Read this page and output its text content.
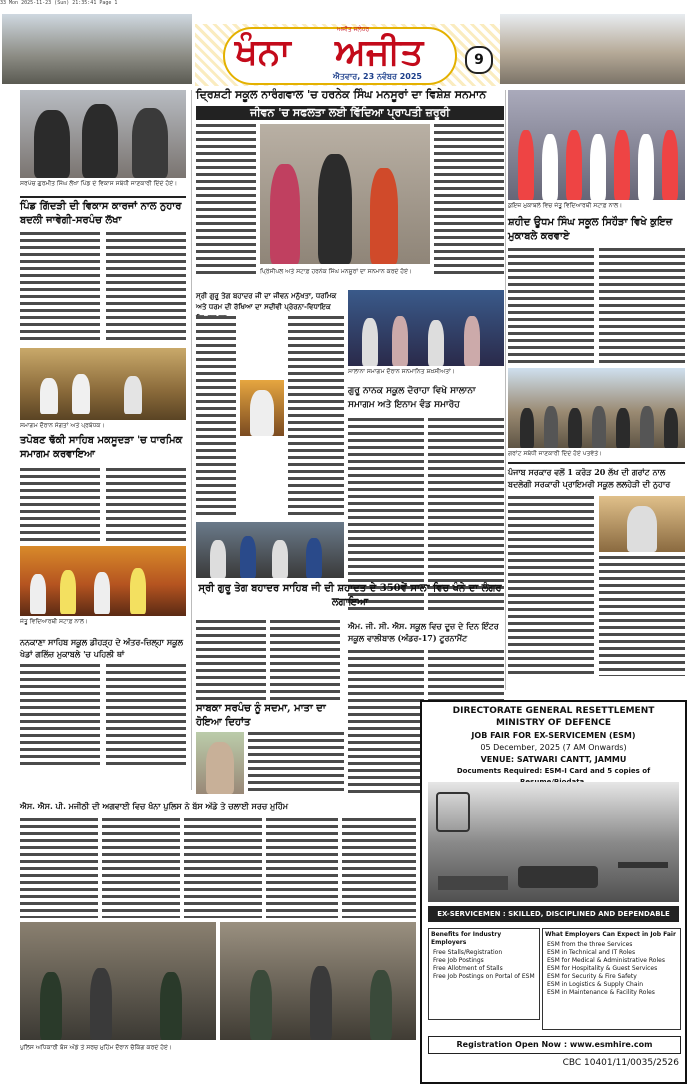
33 Mon 2025-11-23 (Sun) 21:35:41 Page 1
ਖੰਨਾ ਅਜੀਤ
ਅਜੀਤ ਜਲੰਧਰ
ਐਤਵਾਰ, 23 ਨਵੰਬਰ 2025
9
ਦ੍ਰਿਸ਼ਟੀ ਸਕੂਲ ਨਾਰੰਗਵਾਲ 'ਚ ਹਰਨੇਕ ਸਿੰਘ ਮਨਸੂਰਾਂ ਦਾ ਵਿਸ਼ੇਸ਼ ਸਨਮਾਨ
ਜੀਵਨ 'ਚ ਸਫਲਤਾ ਲਈ ਵਿੱਦਿਆ ਪ੍ਰਾਪਤੀ ਜ਼ਰੂਰੀ
ਸਰਪੰਚ ਗੁਰਮੀਤ ਸਿੰਘ ਲੱਖਾ ਪਿੰਡ ਦੇ ਵਿਕਾਸ ਸਬੰਧੀ ਜਾਣਕਾਰੀ ਦਿੰਦੇ ਹੋਏ।
ਪਿੰਡ ਗਿੱਦੜੀ ਦੀ ਵਿਕਾਸ ਕਾਰਜਾਂ ਨਾਲ ਨੁਹਾਰ ਬਦਲੀ ਜਾਵੇਗੀ-ਸਰਪੰਚ ਲੱਖਾ
ਸਮਾਗਮ ਦੌਰਾਨ ਸੰਗਤਾਂ ਅਤੇ ਪ੍ਰਬੰਧਕ।
ਤਪੋਬਣ ਢੱਕੀ ਸਾਹਿਬ ਮਕਸੂਦੜਾ 'ਚ ਧਾਰਮਿਕ ਸਮਾਗਮ ਕਰਵਾਇਆ
ਜੇਤੂ ਵਿਦਿਆਰਥੀ ਸਟਾਫ਼ ਨਾਲ।
ਨਨਕਾਣਾ ਸਾਹਿਬ ਸਕੂਲ ਡੀਹੜ੍ਹ ਦੇ ਅੰਤਰ-ਜ਼ਿਲ੍ਹਾ ਸਕੂਲ ਖੇਡਾਂ ਗਲਿੱਜ਼ ਮੁਕਾਬਲੇ 'ਚ ਪਹਿਲੀ ਥਾਂ
ਪ੍ਰਿੰਸੀਪਲ ਅਤੇ ਸਟਾਫ਼ ਹਰਨੇਕ ਸਿੰਘ ਮਨਸੂਰਾਂ ਦਾ ਸਨਮਾਨ ਕਰਦੇ ਹੋਏ।
ਸ੍ਰੀ ਗੁਰੂ ਤੇਗ ਬਹਾਦਰ ਜੀ ਦਾ ਜੀਵਨ ਮਨੁੱਖਤਾ, ਧਰਮਿਕ ਅਤੇ ਧਰਮ ਦੀ ਰੱਖਿਆ ਦਾ ਸਦੀਵੀ ਪ੍ਰੇਰਨਾ-ਵਿਧਾਇਕ
ਸਾਲਾਨਾ ਸਮਾਗਮ ਦੌਰਾਨ ਸਨਮਾਨਿਤ ਸ਼ਖ਼ਸੀਅਤਾਂ।
ਗੁਰੂ ਨਾਨਕ ਸਕੂਲ ਦੋਰਾਹਾ ਵਿਖੇ ਸਾਲਾਨਾ ਸਮਾਗਮ ਅਤੇ ਇਨਾਮ ਵੰਡ ਸਮਾਰੋਹ
ਸ੍ਰੀ ਗੁਰੂ ਤੇਗ ਬਹਾਦਰ ਸਾਹਿਬ ਜੀ ਦੀ ਸ਼ਹਾਦਤ ਦੇ 350ਵੇਂ ਸਾਲਾ ਵਿਚ ਖੰਨੇ ਦਾ ਲੰਗਰ ਲਗਾਇਆ
ਸਾਬਕਾ ਸਰਪੰਚ ਨੂੰ ਸਦਮਾ, ਮਾਤਾ ਦਾ ਹੋਇਆ ਦਿਹਾਂਤ
ਐਮ. ਜੀ. ਸੀ. ਐਸ. ਸਕੂਲ ਵਿਚ ਦੂਜ਼ ਦੇ ਦਿਨ ਇੰਟਰ ਸਕੂਲ ਵਾਲੀਬਾਲ (ਅੰਡਰ-17) ਟੂਰਨਾਮੈਂਟ
ਕੁਇਜ਼ ਮੁਕਾਬਲੇ ਵਿਚ ਜੇਤੂ ਵਿਦਿਆਰਥੀ ਸਟਾਫ਼ ਨਾਲ।
ਸ਼ਹੀਦ ਊਧਮ ਸਿੰਘ ਸਕੂਲ ਸਿਹੌੜਾ ਵਿਖੇ ਕੁਇਜ਼ ਮੁਕਾਬਲੇ ਕਰਵਾਏ
ਗਰਾਂਟ ਸਬੰਧੀ ਜਾਣਕਾਰੀ ਦਿੰਦੇ ਹੋਏ ਪਤਵੰਤੇ।
ਪੰਜਾਬ ਸਰਕਾਰ ਵਲੋਂ 1 ਕਰੋੜ 20 ਲੱਖ ਦੀ ਗਰਾਂਟ ਨਾਲ ਬਦਲੇਗੀ ਸਰਕਾਰੀ ਪ੍ਰਾਇਮਰੀ ਸਕੂਲ ਲਲਹੇੜੀ ਦੀ ਨੁਹਾਰ
DIRECTORATE GENERAL RESETTLEMENT
MINISTRY OF DEFENCE
JOB FAIR FOR EX-SERVICEMEN (ESM)
05 December, 2025 (7 AM Onwards)
VENUE: SATWARI CANTT, JAMMU
Documents Required: ESM-I Card and 5 copies of
EX-SERVICEMEN : SKILLED, DISCIPLINED AND DEPENDABLE
Benefits for Industry Employers
Free Stalls/Registration
Free Job Postings
Free Allotment of Stalls
Free Job Postings on Portal of ESM
What Employers Can Expect in Job Fair
ESM from the three Services
ESM in Technical and IT Roles
ESM for Medical & Administrative Roles
ESM for Hospitality & Guest Services
ESM for Security & Fire Safety
ESM in Logistics & Supply Chain
ESM in Maintenance & Facility Roles
Registration Open Now : www.esmhire.com
CBC 10401/11/0035/2526
ਐਸ. ਐਸ. ਪੀ. ਮਜੀਠੀ ਦੀ ਅਗਵਾਈ ਵਿਚ ਖੰਨਾ ਪੁਲਿਸ ਨੇ ਬੱਸ ਅੱਡੇ ਤੇ ਚਲਾਈ ਸਰਚ ਮੁਹਿੰਮ
ਪੁਲਿਸ ਅਧਿਕਾਰੀ ਬੱਸ ਅੱਡੇ ਤੇ ਸਰਚ ਮੁਹਿੰਮ ਦੌਰਾਨ ਚੈਕਿੰਗ ਕਰਦੇ ਹੋਏ।
